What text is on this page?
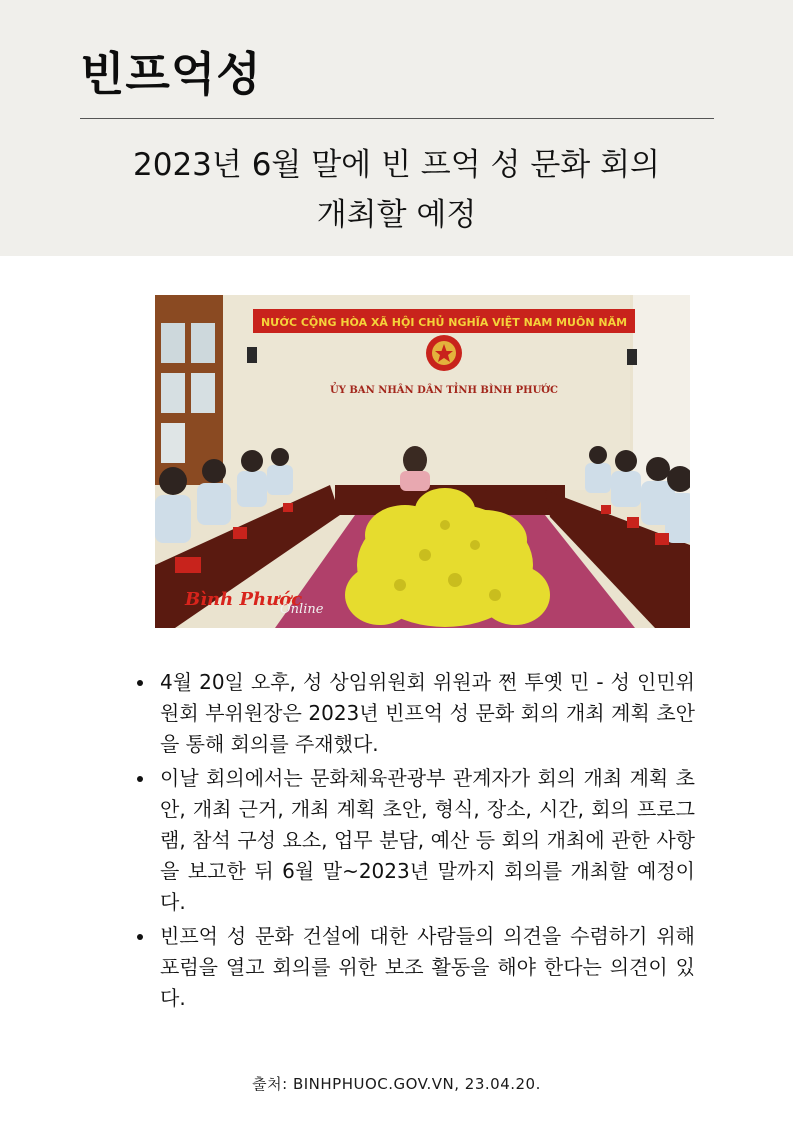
빈프억성
2023년 6월 말에 빈 프억 성 문화 회의
개최할 예정
NƯỚC CỘNG HÒA XÃ HỘI CHỦ NGHĨA VIỆT NAM MUÔN NĂM
ỦY BAN NHÂN DÂN TỈNH BÌNH PHƯỚC
Bình Phước
Online
4월 20일 오후, 성 상임위원회 위원과 쩐 투옛 민 - 성 인민위원회 부위원장은 2023년 빈프억 성 문화 회의 개최 계획 초안을 통해 회의를 주재했다.
이날 회의에서는 문화체육관광부 관계자가 회의 개최 계획 초안, 개최 근거, 개최 계획 초안, 형식, 장소, 시간, 회의 프로그램, 참석 구성 요소, 업무 분담, 예산 등 회의 개최에 관한 사항을 보고한 뒤 6월 말~2023년 말까지 회의를 개최할 예정이다.
빈프억 성 문화 건설에 대한 사람들의 의견을 수렴하기 위해 포럼을 열고 회의를 위한 보조 활동을 해야 한다는 의견이 있다.
출처: BINHPHUOC.GOV.VN, 23.04.20.
